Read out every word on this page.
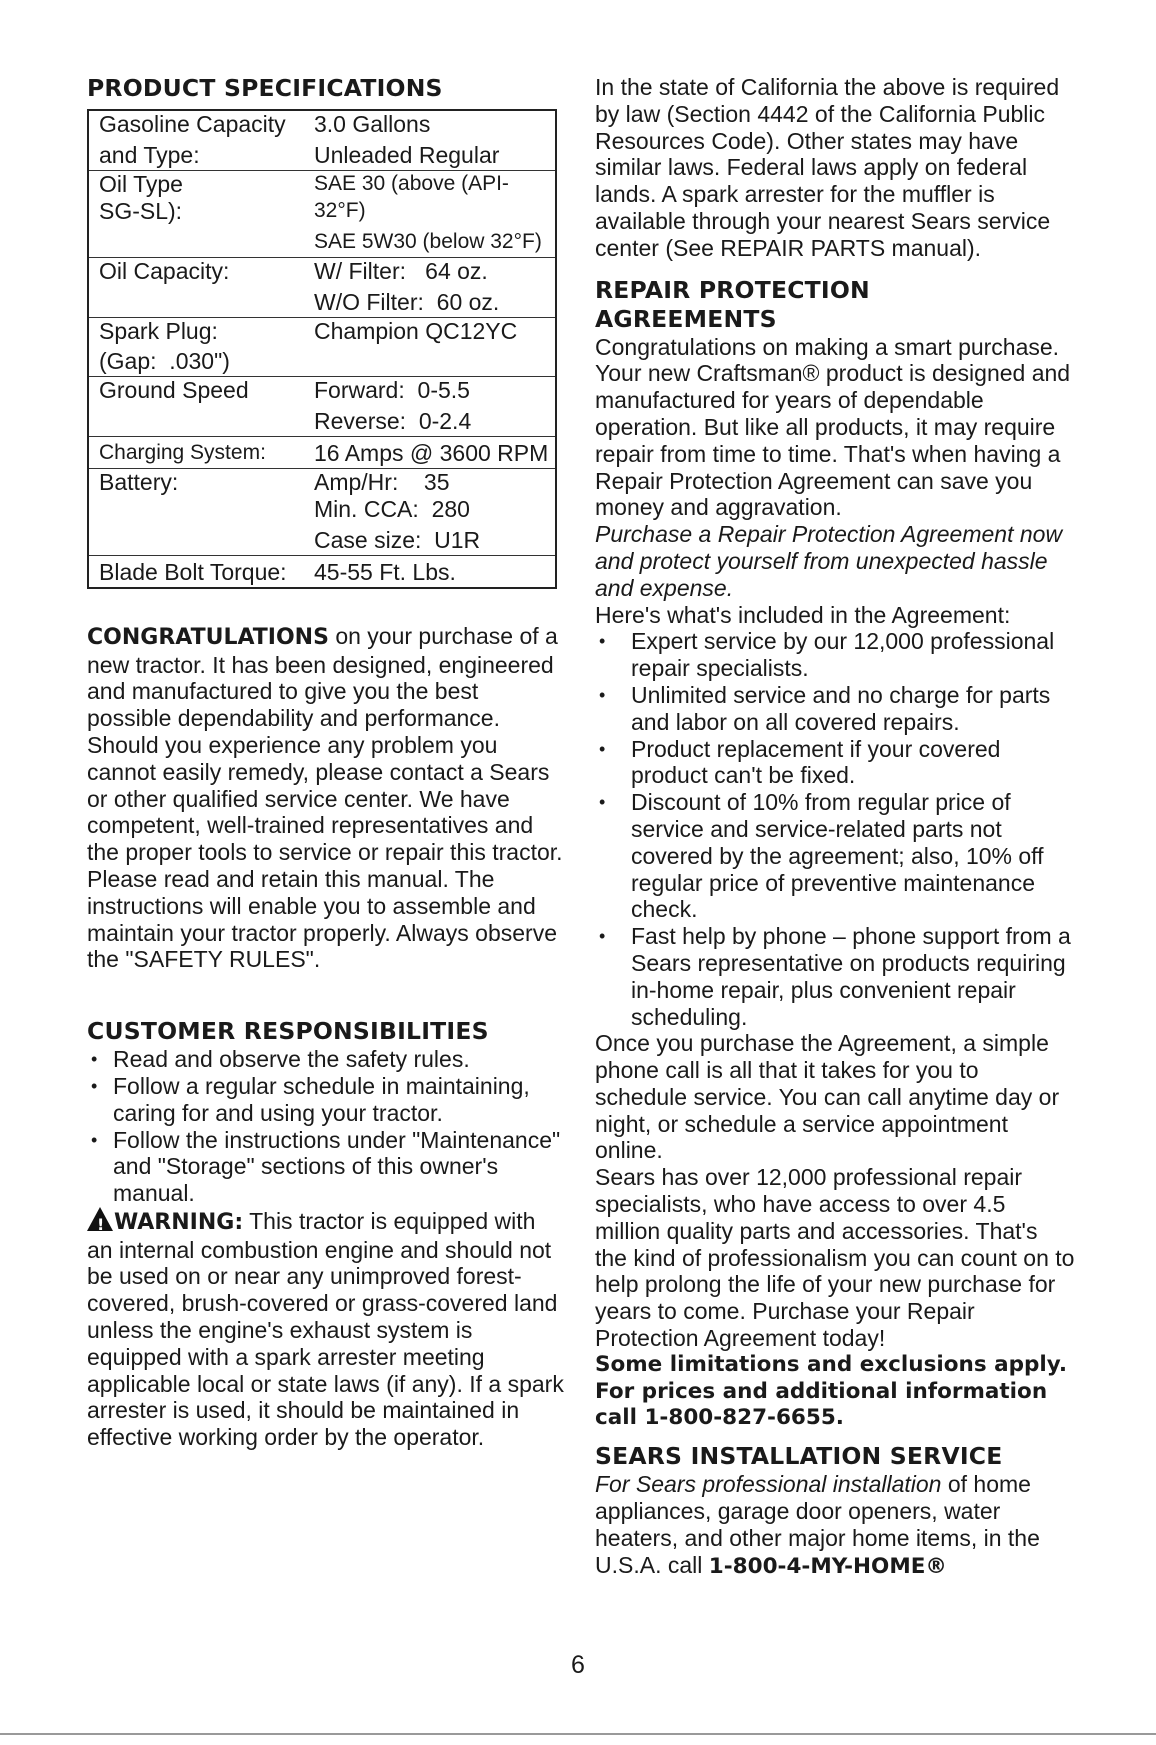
PRODUCT SPECIFICATIONS
Gasoline Capacity	3.0 Gallons
and Type:	Unleaded Regular
Oil Type	SAE 30 (above (API-
SG-SL):	32°F)
	SAE 5W30 (below 32°F)
Oil Capacity:	W/ Filter:   64 oz.
	W/O Filter:  60 oz.
Spark Plug:	Champion QC12YC
(Gap:  .030")	
Ground Speed	Forward:  0-5.5
	Reverse:  0-2.4
Charging System:	16 Amps @ 3600 RPM
Battery:	Amp/Hr:    35
	Min. CCA:  280
	Case size:  U1R
Blade Bolt Torque:	45-55 Ft. Lbs.

CONGRATULATIONS on your purchase of a new tractor. It has been designed, engineered and manufactured to give you the best possible dependability and performance.

Should you experience any problem you cannot easily remedy, please contact a Sears or other qualified service center. We have competent, well-trained representatives and the proper tools to service or repair this tractor.

Please read and retain this manual. The instructions will enable you to assemble and maintain your tractor properly. Always observe the "SAFETY RULES".

CUSTOMER RESPONSIBILITIES
• Read and observe the safety rules.
• Follow a regular schedule in maintaining, caring for and using your tractor.
• Follow the instructions under "Maintenance" and "Storage" sections of this owner's manual.

!WARNING: This tractor is equipped with an internal combustion engine and should not be used on or near any unimproved forest-covered, brush-covered or grass-covered land unless the engine's exhaust system is equipped with a spark arrester meeting applicable local or state laws (if any). If a spark arrester is used, it should be maintained in effective working order by the operator.

In the state of California the above is required by law (Section 4442 of the California Public Resources Code). Other states may have similar laws. Federal laws apply on federal lands. A spark arrester for the muffler is available through your nearest Sears service center (See REPAIR PARTS manual).

REPAIR PROTECTION
AGREEMENTS

Congratulations on making a smart purchase. Your new Craftsman® product is designed and manufactured for years of dependable operation. But like all products, it may require repair from time to time. That's when having a Repair Protection Agreement can save you money and aggravation.

Purchase a Repair Protection Agreement now and protect yourself from unexpected hassle and expense.

Here's what's included in the Agreement:

• Expert service by our 12,000 professional repair specialists.
• Unlimited service and no charge for parts and labor on all covered repairs.
• Product replacement if your covered product can't be fixed.
• Discount of 10% from regular price of service and service-related parts not covered by the agreement; also, 10% off regular price of preventive maintenance check.
• Fast help by phone – phone support from a Sears representative on products requiring in-home repair, plus convenient repair scheduling.

Once you purchase the Agreement, a simple phone call is all that it takes for you to schedule service. You can call anytime day or night, or schedule a service appointment online.

Sears has over 12,000 professional repair specialists, who have access to over 4.5 million quality parts and accessories. That's the kind of professionalism you can count on to help prolong the life of your new purchase for years to come. Purchase your Repair Protection Agreement today!

Some limitations and exclusions apply. For prices and additional information call 1-800-827-6655.

SEARS INSTALLATION SERVICE

For Sears professional installation of home appliances, garage door openers, water heaters, and other major home items, in the U.S.A. call 1-800-4-MY-HOME®

6
